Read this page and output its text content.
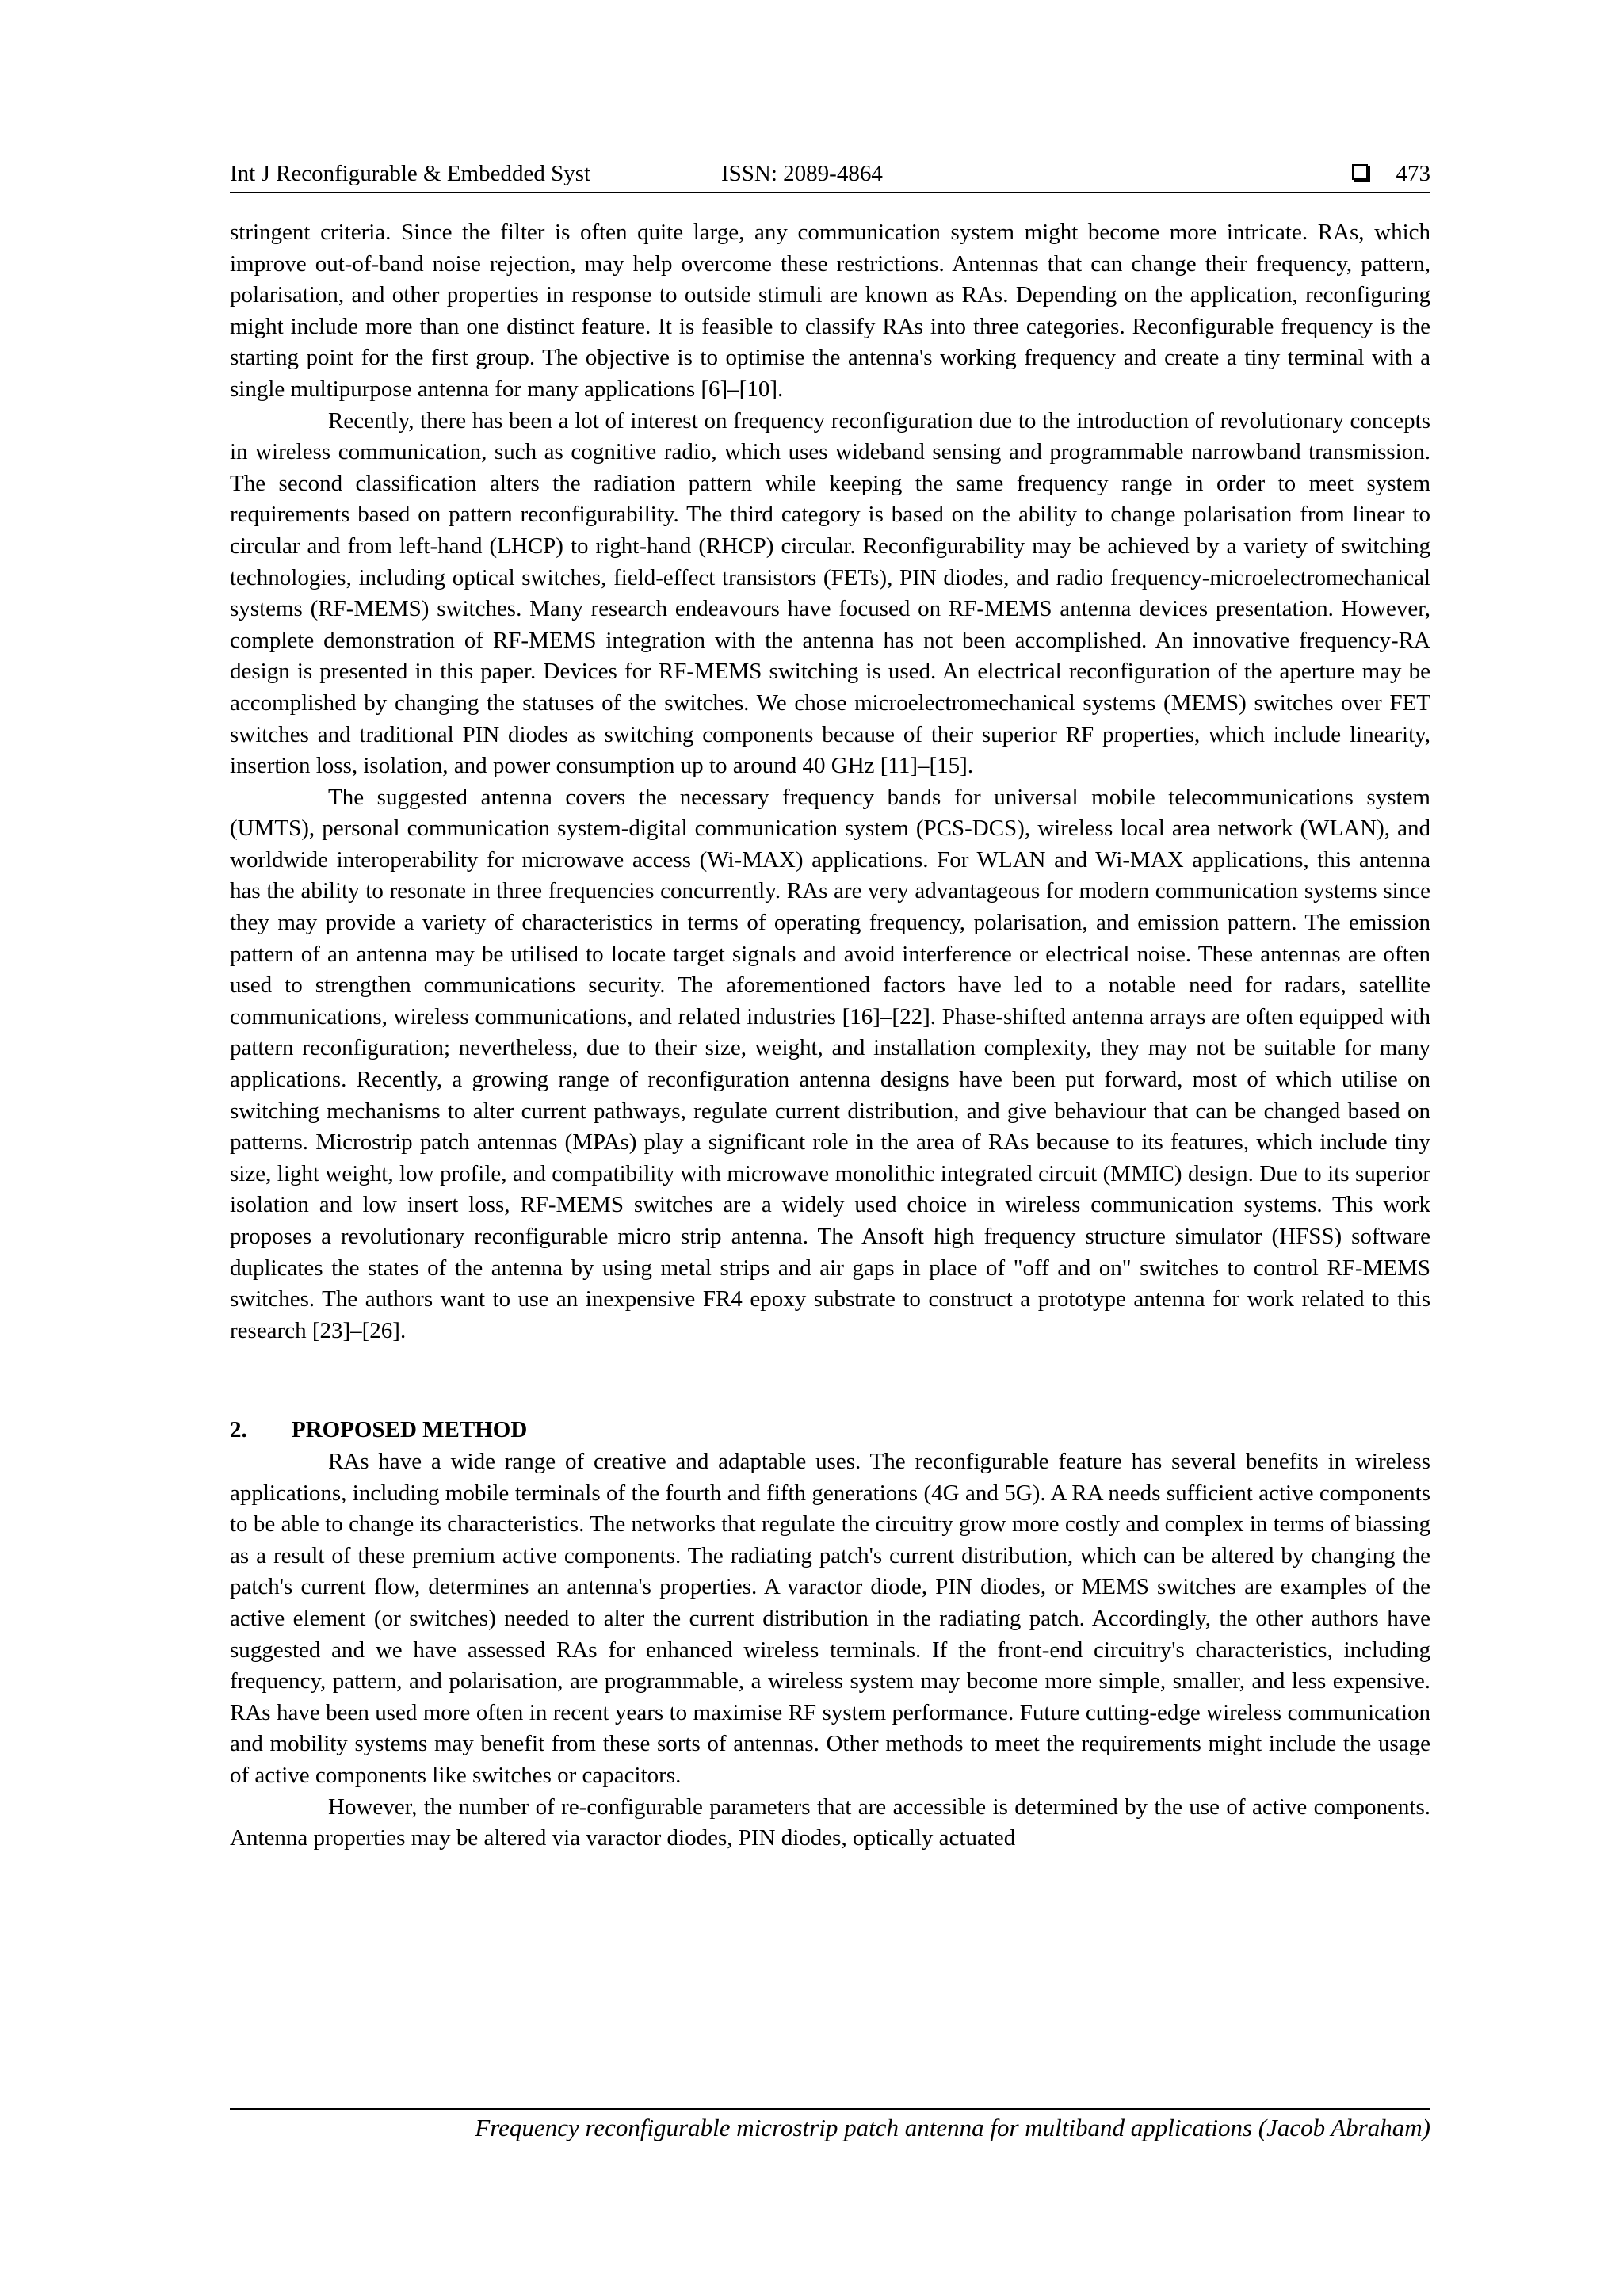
Int J Reconfigurable & Embedded Syst	ISSN: 2089-4864	473

stringent criteria. Since the filter is often quite large, any communication system might become more intricate. RAs, which improve out-of-band noise rejection, may help overcome these restrictions. Antennas that can change their frequency, pattern, polarisation, and other properties in response to outside stimuli are known as RAs. Depending on the application, reconfiguring might include more than one distinct feature. It is feasible to classify RAs into three categories. Reconfigurable frequency is the starting point for the first group. The objective is to optimise the antenna's working frequency and create a tiny terminal with a single multipurpose antenna for many applications [6]–[10].

Recently, there has been a lot of interest on frequency reconfiguration due to the introduction of revolutionary concepts in wireless communication, such as cognitive radio, which uses wideband sensing and programmable narrowband transmission. The second classification alters the radiation pattern while keeping the same frequency range in order to meet system requirements based on pattern reconfigurability. The third category is based on the ability to change polarisation from linear to circular and from left-hand (LHCP) to right-hand (RHCP) circular. Reconfigurability may be achieved by a variety of switching technologies, including optical switches, field-effect transistors (FETs), PIN diodes, and radio frequency-microelectromechanical systems (RF-MEMS) switches. Many research endeavours have focused on RF-MEMS antenna devices presentation. However, complete demonstration of RF-MEMS integration with the antenna has not been accomplished. An innovative frequency-RA design is presented in this paper. Devices for RF-MEMS switching is used. An electrical reconfiguration of the aperture may be accomplished by changing the statuses of the switches. We chose microelectromechanical systems (MEMS) switches over FET switches and traditional PIN diodes as switching components because of their superior RF properties, which include linearity, insertion loss, isolation, and power consumption up to around 40 GHz [11]–[15].

The suggested antenna covers the necessary frequency bands for universal mobile telecommunications system (UMTS), personal communication system-digital communication system (PCS-DCS), wireless local area network (WLAN), and worldwide interoperability for microwave access (Wi-MAX) applications. For WLAN and Wi-MAX applications, this antenna has the ability to resonate in three frequencies concurrently. RAs are very advantageous for modern communication systems since they may provide a variety of characteristics in terms of operating frequency, polarisation, and emission pattern. The emission pattern of an antenna may be utilised to locate target signals and avoid interference or electrical noise. These antennas are often used to strengthen communications security. The aforementioned factors have led to a notable need for radars, satellite communications, wireless communications, and related industries [16]–[22]. Phase-shifted antenna arrays are often equipped with pattern reconfiguration; nevertheless, due to their size, weight, and installation complexity, they may not be suitable for many applications. Recently, a growing range of reconfiguration antenna designs have been put forward, most of which utilise on switching mechanisms to alter current pathways, regulate current distribution, and give behaviour that can be changed based on patterns. Microstrip patch antennas (MPAs) play a significant role in the area of RAs because to its features, which include tiny size, light weight, low profile, and compatibility with microwave monolithic integrated circuit (MMIC) design. Due to its superior isolation and low insert loss, RF-MEMS switches are a widely used choice in wireless communication systems. This work proposes a revolutionary reconfigurable micro strip antenna. The Ansoft high frequency structure simulator (HFSS) software duplicates the states of the antenna by using metal strips and air gaps in place of "off and on" switches to control RF-MEMS switches. The authors want to use an inexpensive FR4 epoxy substrate to construct a prototype antenna for work related to this research [23]–[26].

2. PROPOSED METHOD

RAs have a wide range of creative and adaptable uses. The reconfigurable feature has several benefits in wireless applications, including mobile terminals of the fourth and fifth generations (4G and 5G). A RA needs sufficient active components to be able to change its characteristics. The networks that regulate the circuitry grow more costly and complex in terms of biassing as a result of these premium active components. The radiating patch's current distribution, which can be altered by changing the patch's current flow, determines an antenna's properties. A varactor diode, PIN diodes, or MEMS switches are examples of the active element (or switches) needed to alter the current distribution in the radiating patch. Accordingly, the other authors have suggested and we have assessed RAs for enhanced wireless terminals. If the front-end circuitry's characteristics, including frequency, pattern, and polarisation, are programmable, a wireless system may become more simple, smaller, and less expensive. RAs have been used more often in recent years to maximise RF system performance. Future cutting-edge wireless communication and mobility systems may benefit from these sorts of antennas. Other methods to meet the requirements might include the usage of active components like switches or capacitors.

However, the number of re-configurable parameters that are accessible is determined by the use of active components. Antenna properties may be altered via varactor diodes, PIN diodes, optically actuated

Frequency reconfigurable microstrip patch antenna for multiband applications (Jacob Abraham)
